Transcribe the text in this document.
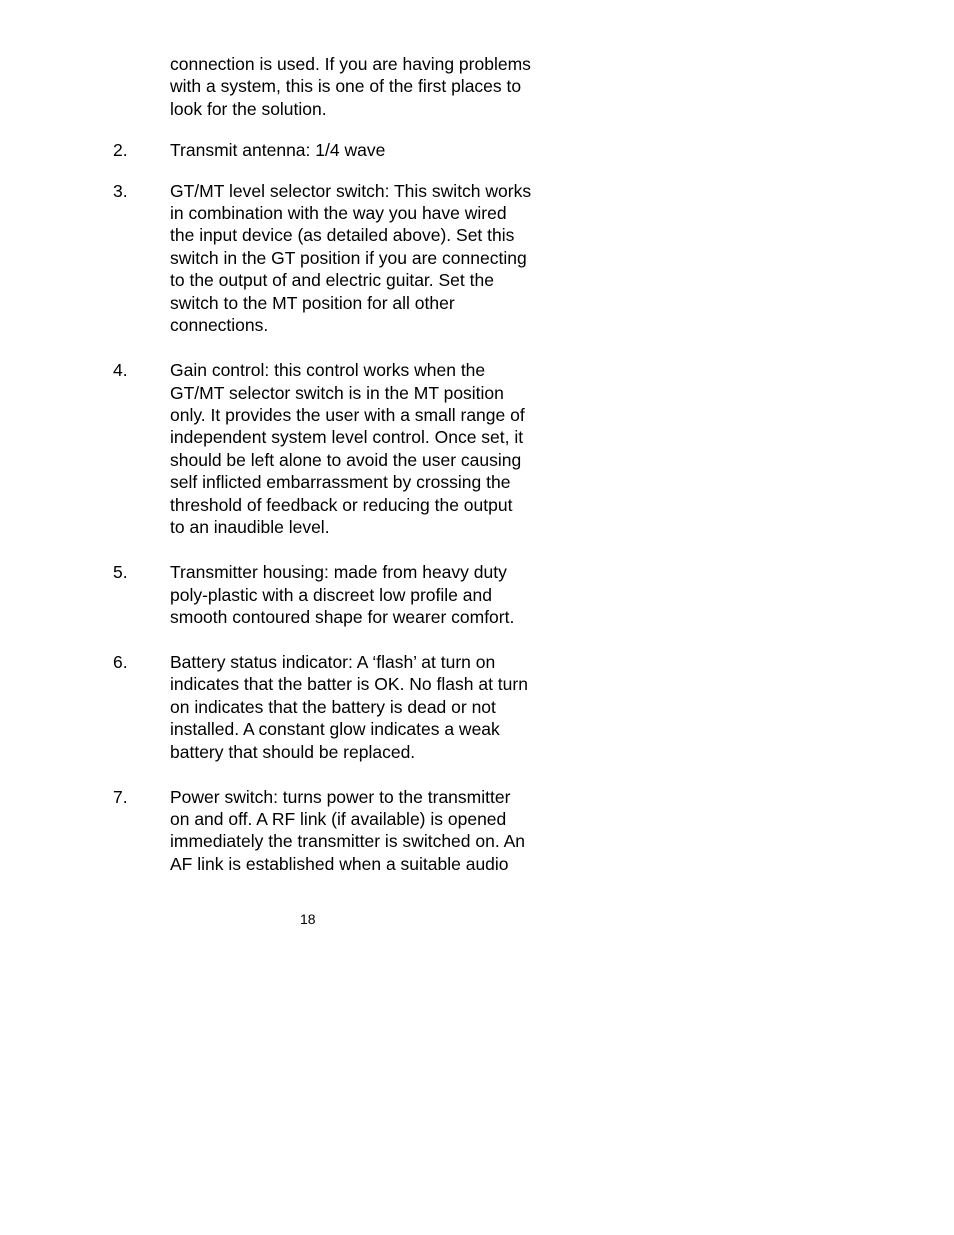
connection is used. If you are having problems
with a system, this is one of the first places to
look for the solution.
2. Transmit antenna: 1/4 wave
3. GT/MT level selector switch: This switch works
in combination with the way you have wired
the input device (as detailed above). Set this
switch in the GT position if you are connecting
to the output of and electric guitar. Set the
switch to the MT position for all other
connections.
4. Gain control: this control works when the
GT/MT selector switch is in the MT position
only. It provides the user with a small range of
independent system level control. Once set, it
should be left alone to avoid the user causing
self inflicted embarrassment by crossing the
threshold of feedback or reducing the output
to an inaudible level.
5. Transmitter housing: made from heavy duty
poly-plastic with a discreet low profile and
smooth contoured shape for wearer comfort.
6. Battery status indicator: A ‘flash’ at turn on
indicates that the batter is OK. No flash at turn
on indicates that the battery is dead or not
installed. A constant glow indicates a weak
battery that should be replaced.
7. Power switch: turns power to the transmitter
on and off. A RF link (if available) is opened
immediately the transmitter is switched on. An
AF link is established when a suitable audio
18
